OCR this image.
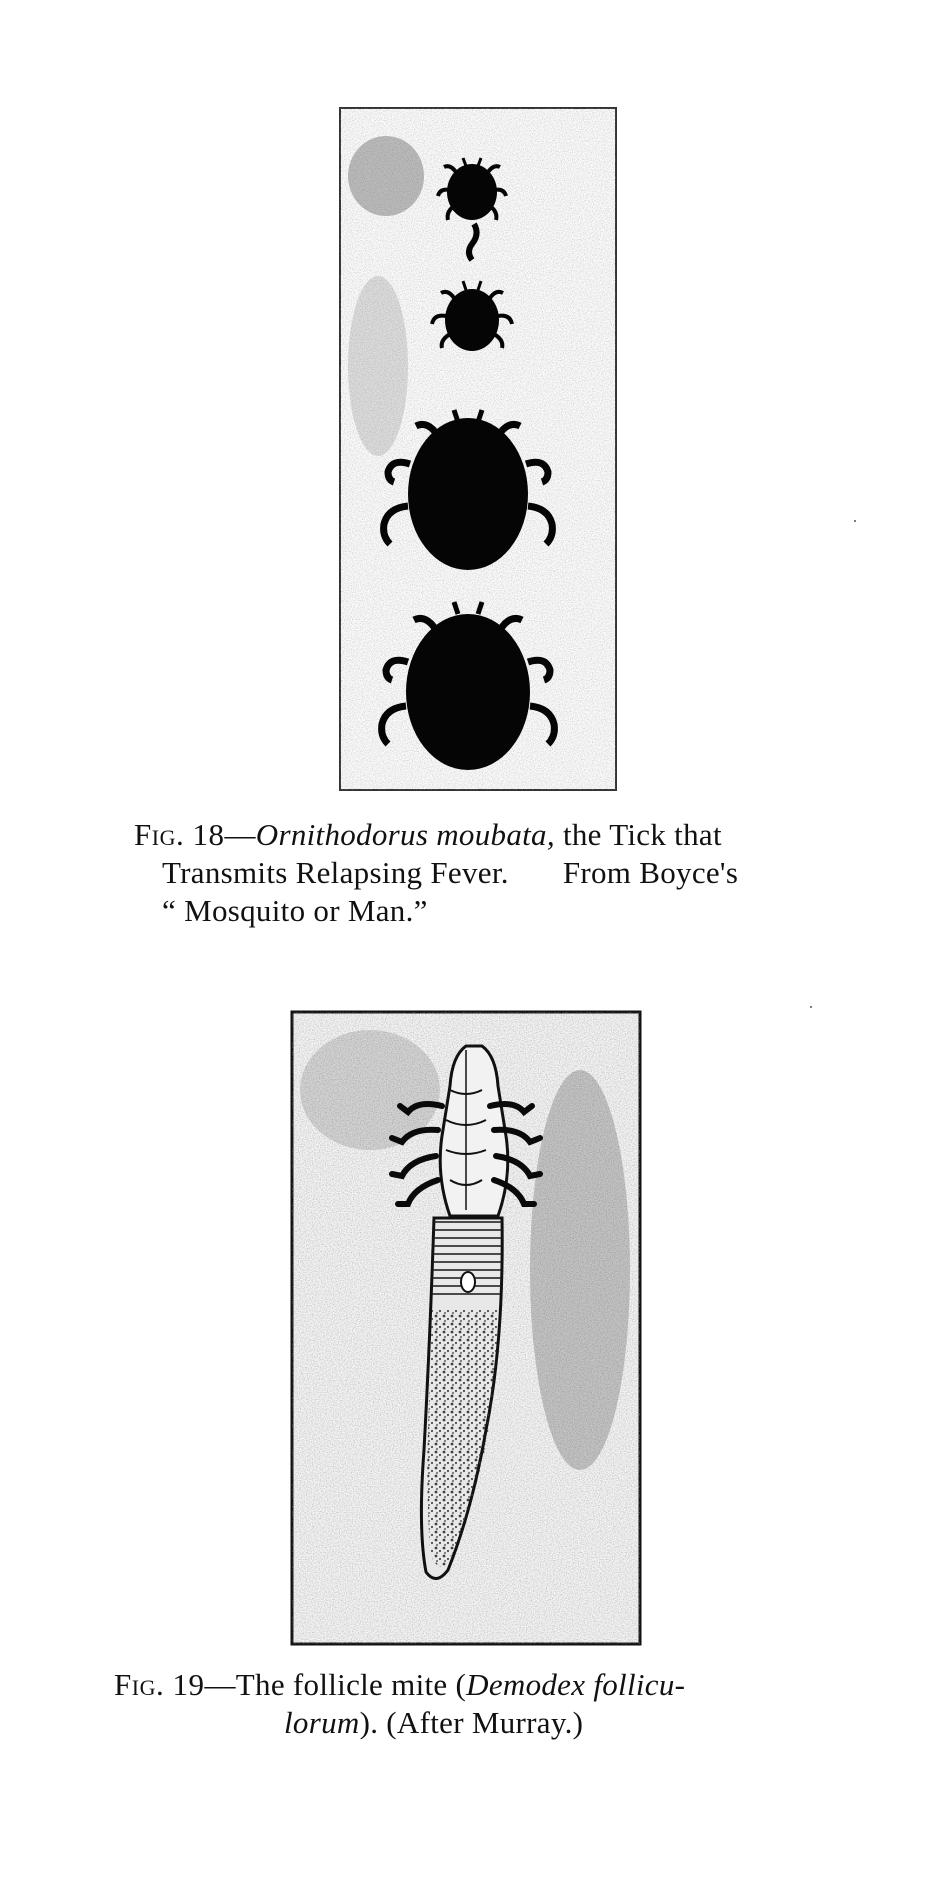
Fig. 18—Ornithodorus moubata, the Tick that
Transmits Relapsing Fever. From Boyce's
“ Mosquito or Man.”
Fig. 19—The follicle mite (Demodex follicu-
lorum). (After Murray.)
